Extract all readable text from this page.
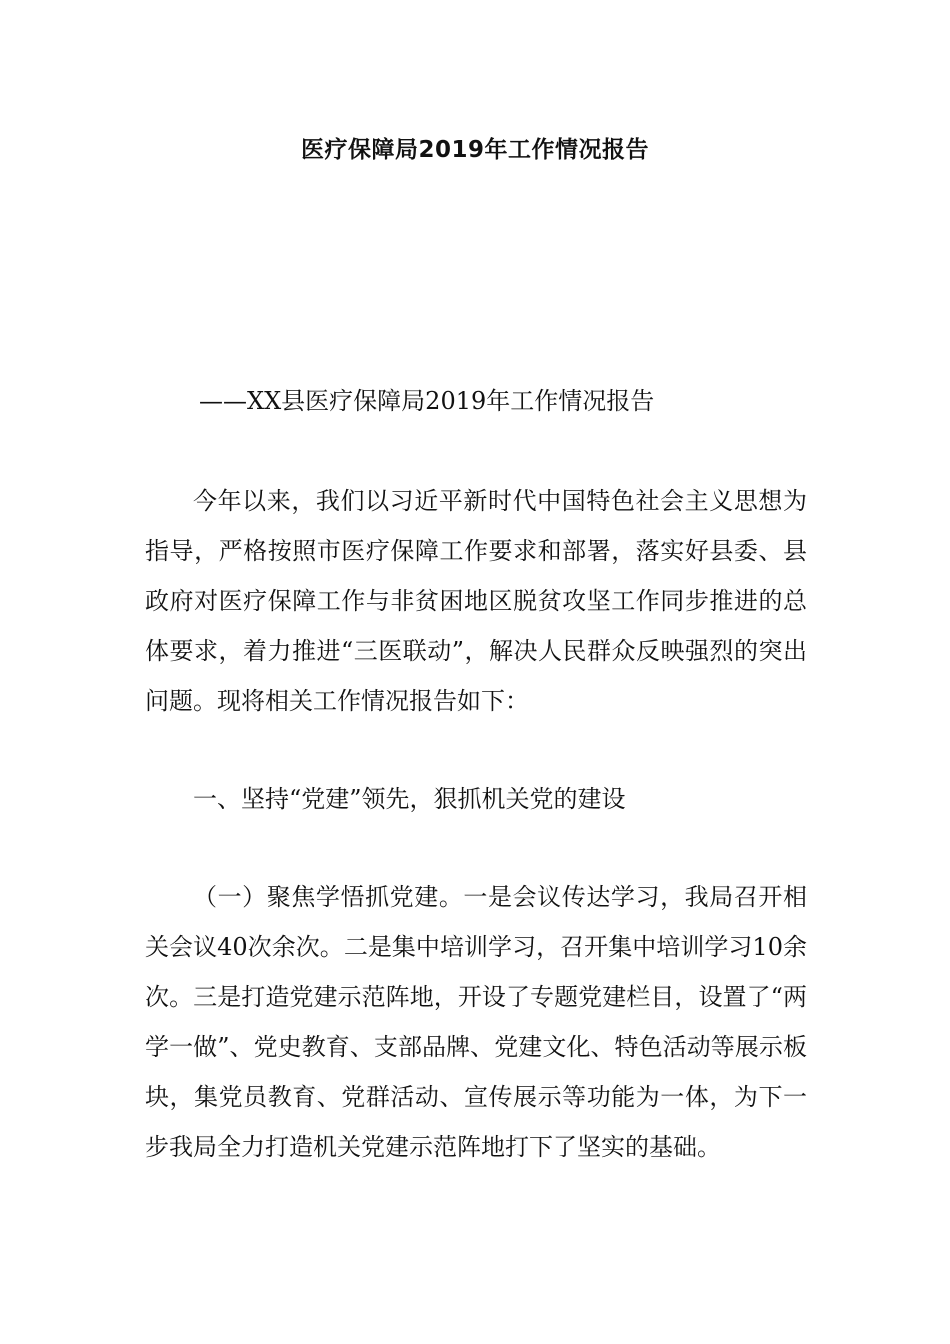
医疗保障局2019年工作情况报告

——XX县医疗保障局2019年工作情况报告

今年以来，我们以习近平新时代中国特色社会主义思想为指导，严格按照市医疗保障工作要求和部署，落实好县委、县政府对医疗保障工作与非贫困地区脱贫攻坚工作同步推进的总体要求，着力推进“三医联动”，解决人民群众反映强烈的突出问题。现将相关工作情况报告如下：

一、坚持“党建”领先，狠抓机关党的建设

（一）聚焦学悟抓党建。一是会议传达学习，我局召开相关会议40次余次。二是集中培训学习，召开集中培训学习10余次。三是打造党建示范阵地，开设了专题党建栏目，设置了“两学一做”、党史教育、支部品牌、党建文化、特色活动等展示板块，集党员教育、党群活动、宣传展示等功能为一体，为下一步我局全力打造机关党建示范阵地打下了坚实的基础。
